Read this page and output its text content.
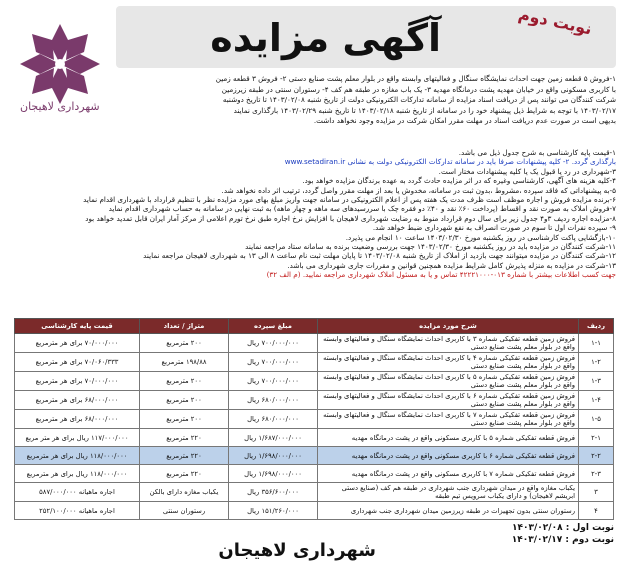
آگهی مزایده	نوبت دوم
شهرداری لاهیجان
۱-فروش ۵ قطعه زمین جهت احداث نمایشگاه سنگال و فعالیتهای وابسته واقع در بلوار معلم پشت صنایع دستی ۲- فروش ۳ قطعه زمین
با کاربری مسکونی واقع در خیابان مهدیه پشت درمانگاه مهدیه ۳- یک باب مغازه در طبقه هم کف ۴- رستوران سنتی در طبقه زیرزمین
شرکت کنندگان می توانند پس از دریافت اسناد مزایده از سامانه تدارکات الکترونیکی دولت از تاریخ شنبه ۱۴۰۳/۰۲/۰۸ تا تاریخ دوشنبه
۱۴۰۳/۰۲/۱۷ با توجه به شرایط ذیل پیشنهاد خود را در سامانه از تاریخ شنبه ۱۴۰۳/۰۲/۱۸ تا تاریخ شنبه ۱۴۰۳/۰۲/۲۹ بارگذاری نمایند
بدیهی است در صورت عدم دریافت اسناد در مهلت مقرر امکان شرکت در مزایده وجود نخواهد داشت.
۱-قیمت پایه کارشناسی به شرح جدول ذیل می باشد.
بارگذاری گردد. ۲- کلیه پیشنهادات صرفا باید در سامانه تدارکات الکترونیکی دولت به نشانی www.setadiran.ir
۳-شهرداری در رد یا قبول یک یا کلیه پیشنهادات مختار است.
۴-کلیه هزینه های آگهی، کارشناسی وغیره که در اثر مزایده حادث گردد به عهده برندگان مزایده خواهد بود.
۵-به پیشنهاداتی که فاقد سپرده ،مشروط ،بدون ثبت در سامانه، مخدوش یا بعد از مهلت مقرر واصل گردد، ترتیب اثر داده نخواهد شد.
۶-برنده مزایده فروش و اجاره موظف است ظرف مدت یک هفته پس از اعلام الکترونیکی در سامانه جهت واریز مبلغ بهای مورد مزایده نظر با تنظیم قرارداد با شهرداری اقدام نماید
۷-فروش املاک به صورت نقد و اقساط (پرداخت ۶۰٪ نقد و ۴۰٪ دو فقره چک با سررسیدهای سه ماهه و چهار ماهه) به ثبت نهایی در سامانه به حساب شهرداری اقدام نماید
۸-مزایده اجاره ردیف ۳و۴ جدول زیر برای سال دوم قرارداد منوط به رضایت شهرداری لاهیجان با افزایش نرخ اجاره طبق نرخ تورم اعلامی از مرکز آمار ایران قابل تمدید خواهد بود
۹- سپرده نفرات اول تا سوم در صورت انصراف به نفع شهرداری ضبط خواهد شد.
۱۰-بازگشایی پاکت کارشناسی در روز یکشنبه مورخ ۱۴۰۳/۰۲/۳۰ ساعت ۱۰ انجام می پذیرد.
۱۱-شرکت کنندگان در مزایده باید در روز یکشنبه مورخ ۱۴۰۳/۰۲/۳۰ جهت بررسی وضعیت برنده به سامانه ستاد مراجعه نمایند
۱۲-شرکت کنندگان در مزایده میتوانند جهت بازدید از املاک از تاریخ شنبه ۱۴۰۳/۰۲/۰۸ تا پایان مهلت ثبت نام ساعت ۸ الی ۱۳ به شهرداری لاهیجان مراجعه نمایند
۱۳-شرکت در مزایده به منزله پذیرش کامل شرایط مزایده همچنین قوانین و مقررات جاری شهرداری می باشد.
جهت کسب اطلاعات بیشتر با شماره ۰۱۳-۴۲۲۲۱۰۰۰ تماس و یا به مسئول املاک شهرداری مراجعه نمایید. (م الف ۳۲)
ردیف	شرح مورد مزایده	مبلغ سپرده	متراژ / تعداد	قیمت پایه کارشناسی
۱-۱	فروش زمین قطعه تفکیکی شماره ۳ با کاربری احداث نمایشگاه سنگال و فعالیتهای وابسته واقع در بلوار معلم پشت صنایع دستی	۷۰۰/۰۰۰/۰۰۰ ریال	۲۰۰ مترمربع	۷۰/۰۰۰/۰۰۰ برای هر مترمربع
۱-۲	فروش زمین قطعه تفکیکی شماره ۴ با کاربری احداث نمایشگاه سنگال و فعالیتهای وابسته واقع در بلوار معلم پشت صنایع دستی	۷۰۰/۰۰۰/۰۰۰ ریال	۱۹۸/۸۸ مترمربع	۷۰/۰۶۰/۳۳۳ برای هر مترمربع
۱-۳	فروش زمین قطعه تفکیکی شماره ۵ با کاربری احداث نمایشگاه سنگال و فعالیتهای وابسته واقع در بلوار معلم پشت صنایع دستی	۷۰۰/۰۰۰/۰۰۰ ریال	۲۰۰ مترمربع	۷۰/۰۰۰/۰۰۰ برای هر مترمربع
۱-۴	فروش زمین قطعه تفکیکی شماره ۶ با کاربری احداث نمایشگاه سنگال و فعالیتهای وابسته واقع در بلوار معلم پشت صنایع دستی	۶۸۰/۰۰۰/۰۰۰ ریال	۲۰۰ مترمربع	۶۸/۰۰۰/۰۰۰ برای هر مترمربع
۱-۵	فروش زمین قطعه تفکیکی شماره ۷ با کاربری احداث نمایشگاه سنگال و فعالیتهای وابسته واقع در بلوار معلم پشت صنایع دستی	۶۸۰/۰۰۰/۰۰۰ ریال	۲۰۰ مترمربع	۶۸/۰۰۰/۰۰۰ برای هر مترمربع
۲-۱	فروش قطعه تفکیکی شماره ۵ با کاربری مسکونی واقع در پشت درمانگاه مهدیه	۱/۶۸۷/۰۰۰/۰۰۰ ریال	۲۲۰ مترمربع	۱۱۷/۰۰۰/۰۰۰ ریال برای هر متر مربع
۲-۲	فروش قطعه تفکیکی شماره ۶ با کاربری مسکونی واقع در پشت درمانگاه مهدیه	۱/۶۹۸/۰۰۰/۰۰۰ ریال	۲۲۰ مترمربع	۱۱۸/۰۰۰/۰۰۰ ریال برای هر مترمربع
۲-۳	فروش قطعه تفکیکی شماره ۷ با کاربری مسکونی واقع در پشت درمانگاه مهدیه	۱/۶۹۸/۰۰۰/۰۰۰ ریال	۲۲۰ مترمربع	۱۱۸/۰۰۰/۰۰۰ ریال برای هر مترمربع
۳	یکباب مغازه واقع در میدان شهرداری جنب شهرداری در طبقه هم کف (صنایع دستی ابریشم لاهیجان) و دارای یکباب سرویس تیم طبقه	۳۵۶/۶۰۰/۰۰۰ ریال	یکباب مغازه دارای بالکن	اجاره ماهیانه ۵۸۷/۰۰۰/۰۰۰
۴	رستوران سنتی بدون تجهیزات در طبقه زیرزمین میدان شهرداری جنب شهرداری	۱۵۱/۲۶۰/۰۰۰ ریال	رستوران سنتی	اجاره ماهیانه ۲۵۲/۱۰۰/۰۰۰
نوبت اول : ۱۴۰۳/۰۲/۰۸
نوبت دوم : ۱۴۰۳/۰۲/۱۷
شهرداری لاهیجان
